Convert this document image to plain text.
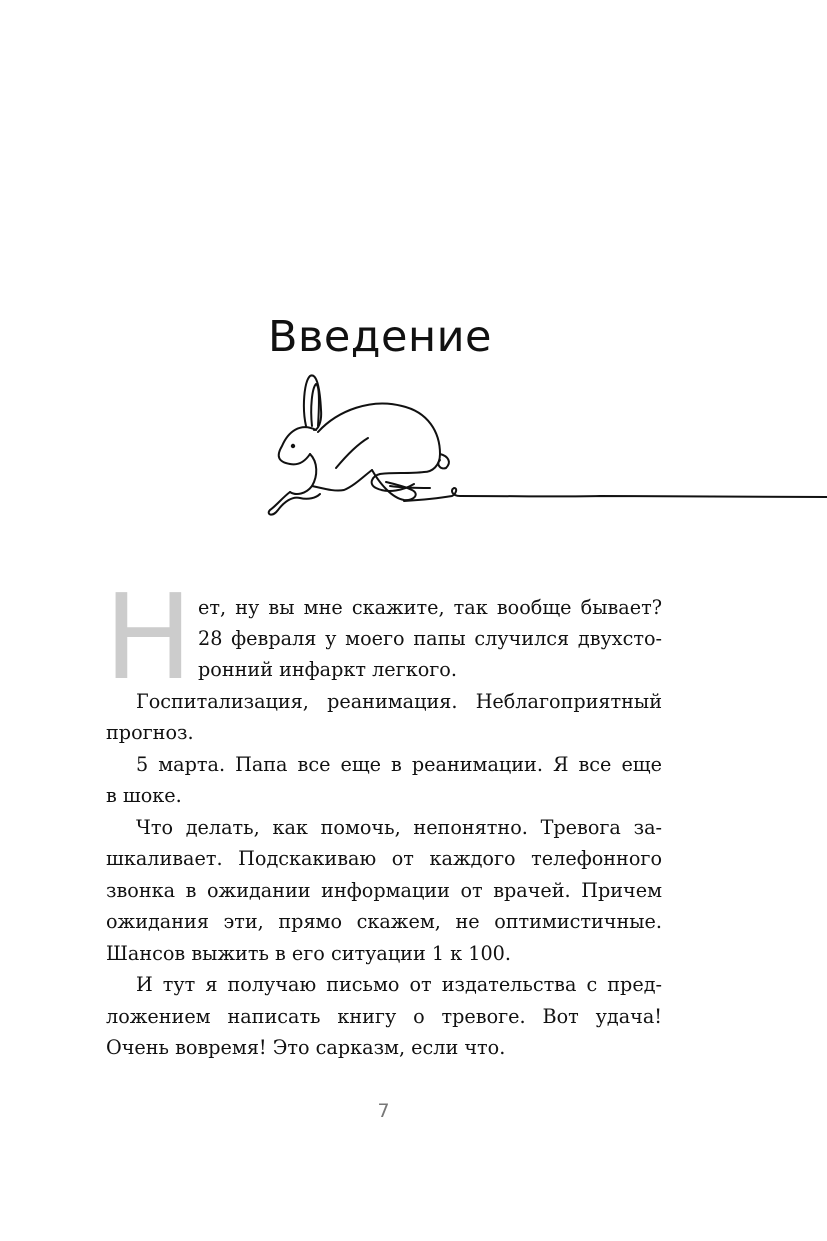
Введение
Н ет, ну вы мне скажите, так вообще бывает?
28 февраля у моего папы случился двухсто-
ронний инфаркт легкого.
Госпитализация, реанимация. Неблагоприятный
прогноз.
5 марта. Папа все еще в реанимации. Я все еще
в шоке.
Что делать, как помочь, непонятно. Тревога за-
шкаливает. Подскакиваю от каждого телефонного
звонка в ожидании информации от врачей. Причем
ожидания эти, прямо скажем, не оптимистичные.
Шансов выжить в его ситуации 1 к 100.
И тут я получаю письмо от издательства с пред-
ложением написать книгу о тревоге. Вот удача!
Очень вовремя! Это сарказм, если что.
7
